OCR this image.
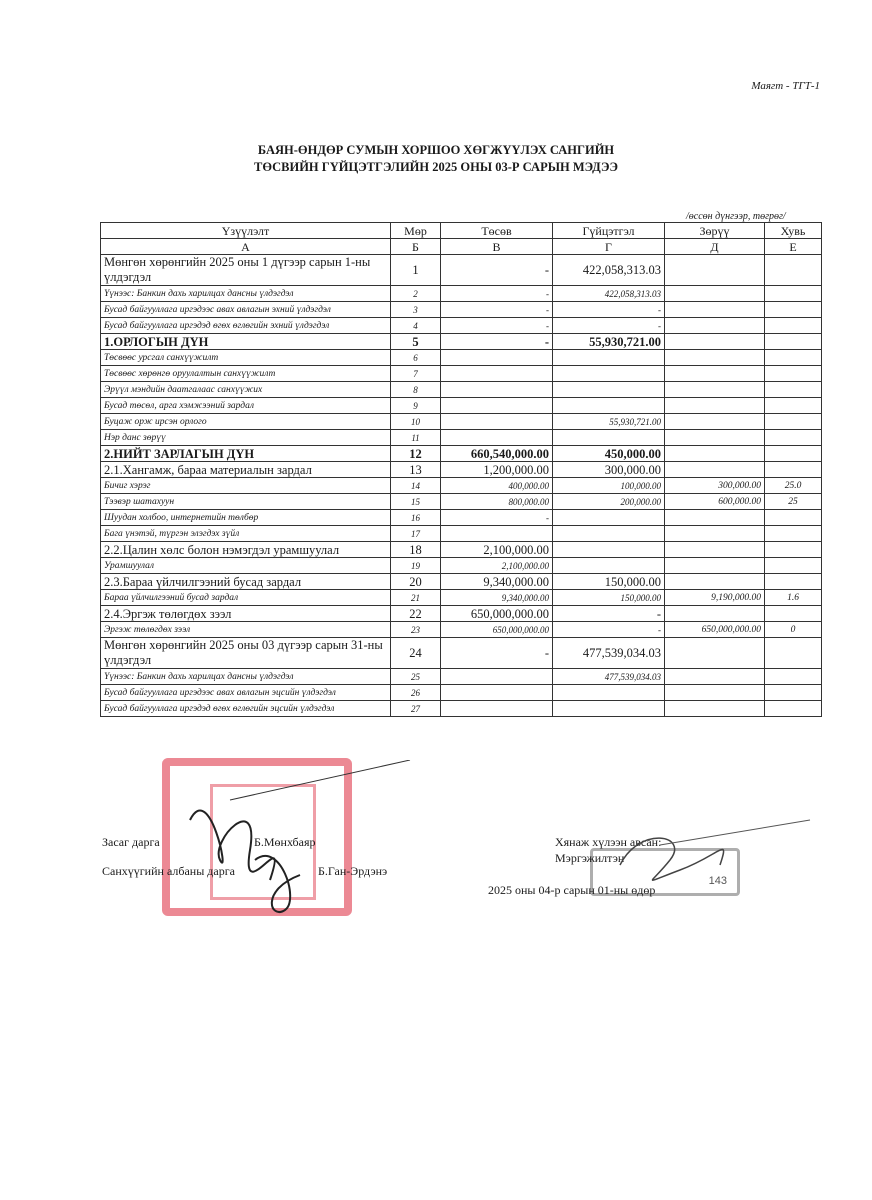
Маягт - ТГТ-1
БАЯН-ӨНДӨР СУМЫН ХОРШОО ХӨГЖҮҮЛЭХ САНГИЙН
ТӨСВИЙН ГҮЙЦЭТГЭЛИЙН 2025 ОНЫ 03-Р САРЫН МЭДЭЭ
/өссөн дүнгээр, төгрөг/
Үзүүлэлт	Мөр	Төсөв	Гүйцэтгэл	Зөрүү	Хувь
А	Б	В	Г	Д	Е
Мөнгөн хөрөнгийн 2025 оны 1 дүгээр сарын 1-ны үлдэгдэл	1	-	422,058,313.03		
Үүнээс: Банкин дахь харилцах дансны үлдэгдэл	2	-	422,058,313.03		
Бусад байгууллага иргэдээс авах авлагын эхний үлдэгдэл	3	-	-		
Бусад байгууллага иргэдэд өгөх өглөгийн эхний үлдэгдэл	4	-	-		
1.ОРЛОГЫН ДҮН	5	-	55,930,721.00		
Төсвөөс урсгал санхүүжилт	6				
Төсвөөс хөрөнгө оруулалтын санхүүжилт	7				
Эрүүл мэндийн даатгалаас санхүүжих	8				
Бусад төсөл, арга хэмжээний зардал	9				
Буцаж орж ирсэн орлого	10		55,930,721.00		
Нэр данс зөрүү	11				
2.НИЙТ ЗАРЛАГЫН ДҮН	12	660,540,000.00	450,000.00		
2.1.Хангамж, бараа материалын зардал	13	1,200,000.00	300,000.00		
Бичиг хэрэг	14	400,000.00	100,000.00	300,000.00	25.0
Тээвэр шатахуун	15	800,000.00	200,000.00	600,000.00	25
Шуудан холбоо, интернетийн төлбөр	16	-			
Бага үнэтэй, түргэн элэгдэх зүйл	17				
2.2.Цалин хөлс болон нэмэгдэл урамшуулал	18	2,100,000.00			
Урамшуулал	19	2,100,000.00			
2.3.Бараа үйлчилгээний бусад зардал	20	9,340,000.00	150,000.00		
Бараа үйлчилгээний бусад зардал	21	9,340,000.00	150,000.00	9,190,000.00	1.6
2.4.Эргэж төлөгдөх зээл	22	650,000,000.00	-		
Эргэж төлөгдөх зээл	23	650,000,000.00	-	650,000,000.00	0
Мөнгөн хөрөнгийн 2025 оны 03 дүгээр сарын 31-ны үлдэгдэл	24	-	477,539,034.03		
Үүнээс: Банкин дахь харилцах дансны үлдэгдэл	25		477,539,034.03		
Бусад байгууллага иргэдээс авах авлагын эцсийн үлдэгдэл	26				
Бусад байгууллага иргэдэд өгөх өглөгийн эцсийн үлдэгдэл	27				
143
Засаг дарга	Б.Мөнхбаяр
Санхүүгийн албаны дарга	Б.Ган-Эрдэнэ
Хянаж хүлээн авсан:
Мэргэжилтэн
2025 оны 04-р сарын 01-ны өдөр
